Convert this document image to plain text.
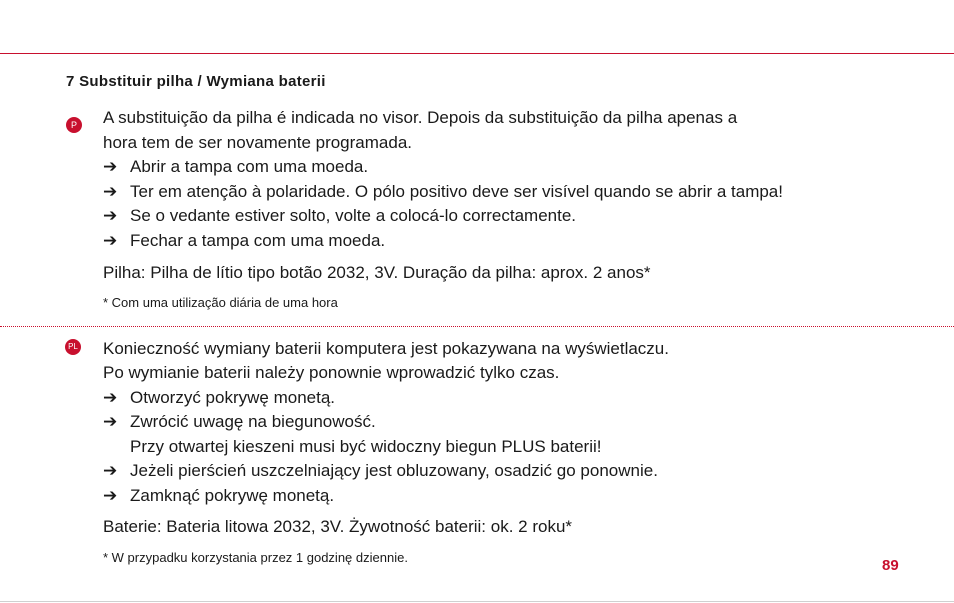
7 Substituir pilha / Wymiana baterii
P A substituição da pilha é indicada no visor. Depois da substituição da pilha apenas a
hora tem de ser novamente programada.
➔ Abrir a tampa com uma moeda.
➔ Ter em atenção à polaridade. O pólo positivo deve ser visível quando se abrir a tampa!
➔ Se o vedante estiver solto, volte a colocá-lo correctamente.
➔ Fechar a tampa com uma moeda.
Pilha: Pilha de lítio tipo botão 2032, 3V. Duração da pilha: aprox. 2 anos*
* Com uma utilização diária de uma hora
PL Konieczność wymiany baterii komputera jest pokazywana na wyświetlaczu.
Po wymianie baterii należy ponownie wprowadzić tylko czas.
➔ Otworzyć pokrywę monetą.
➔ Zwrócić uwagę na biegunowość.
Przy otwartej kieszeni musi być widoczny biegun PLUS baterii!
➔ Jeżeli pierścień uszczelniający jest obluzowany, osadzić go ponownie.
➔ Zamknąć pokrywę monetą.
Baterie: Bateria litowa 2032, 3V. Żywotność baterii: ok. 2 roku*
* W przypadku korzystania przez 1 godzinę dziennie.	89
